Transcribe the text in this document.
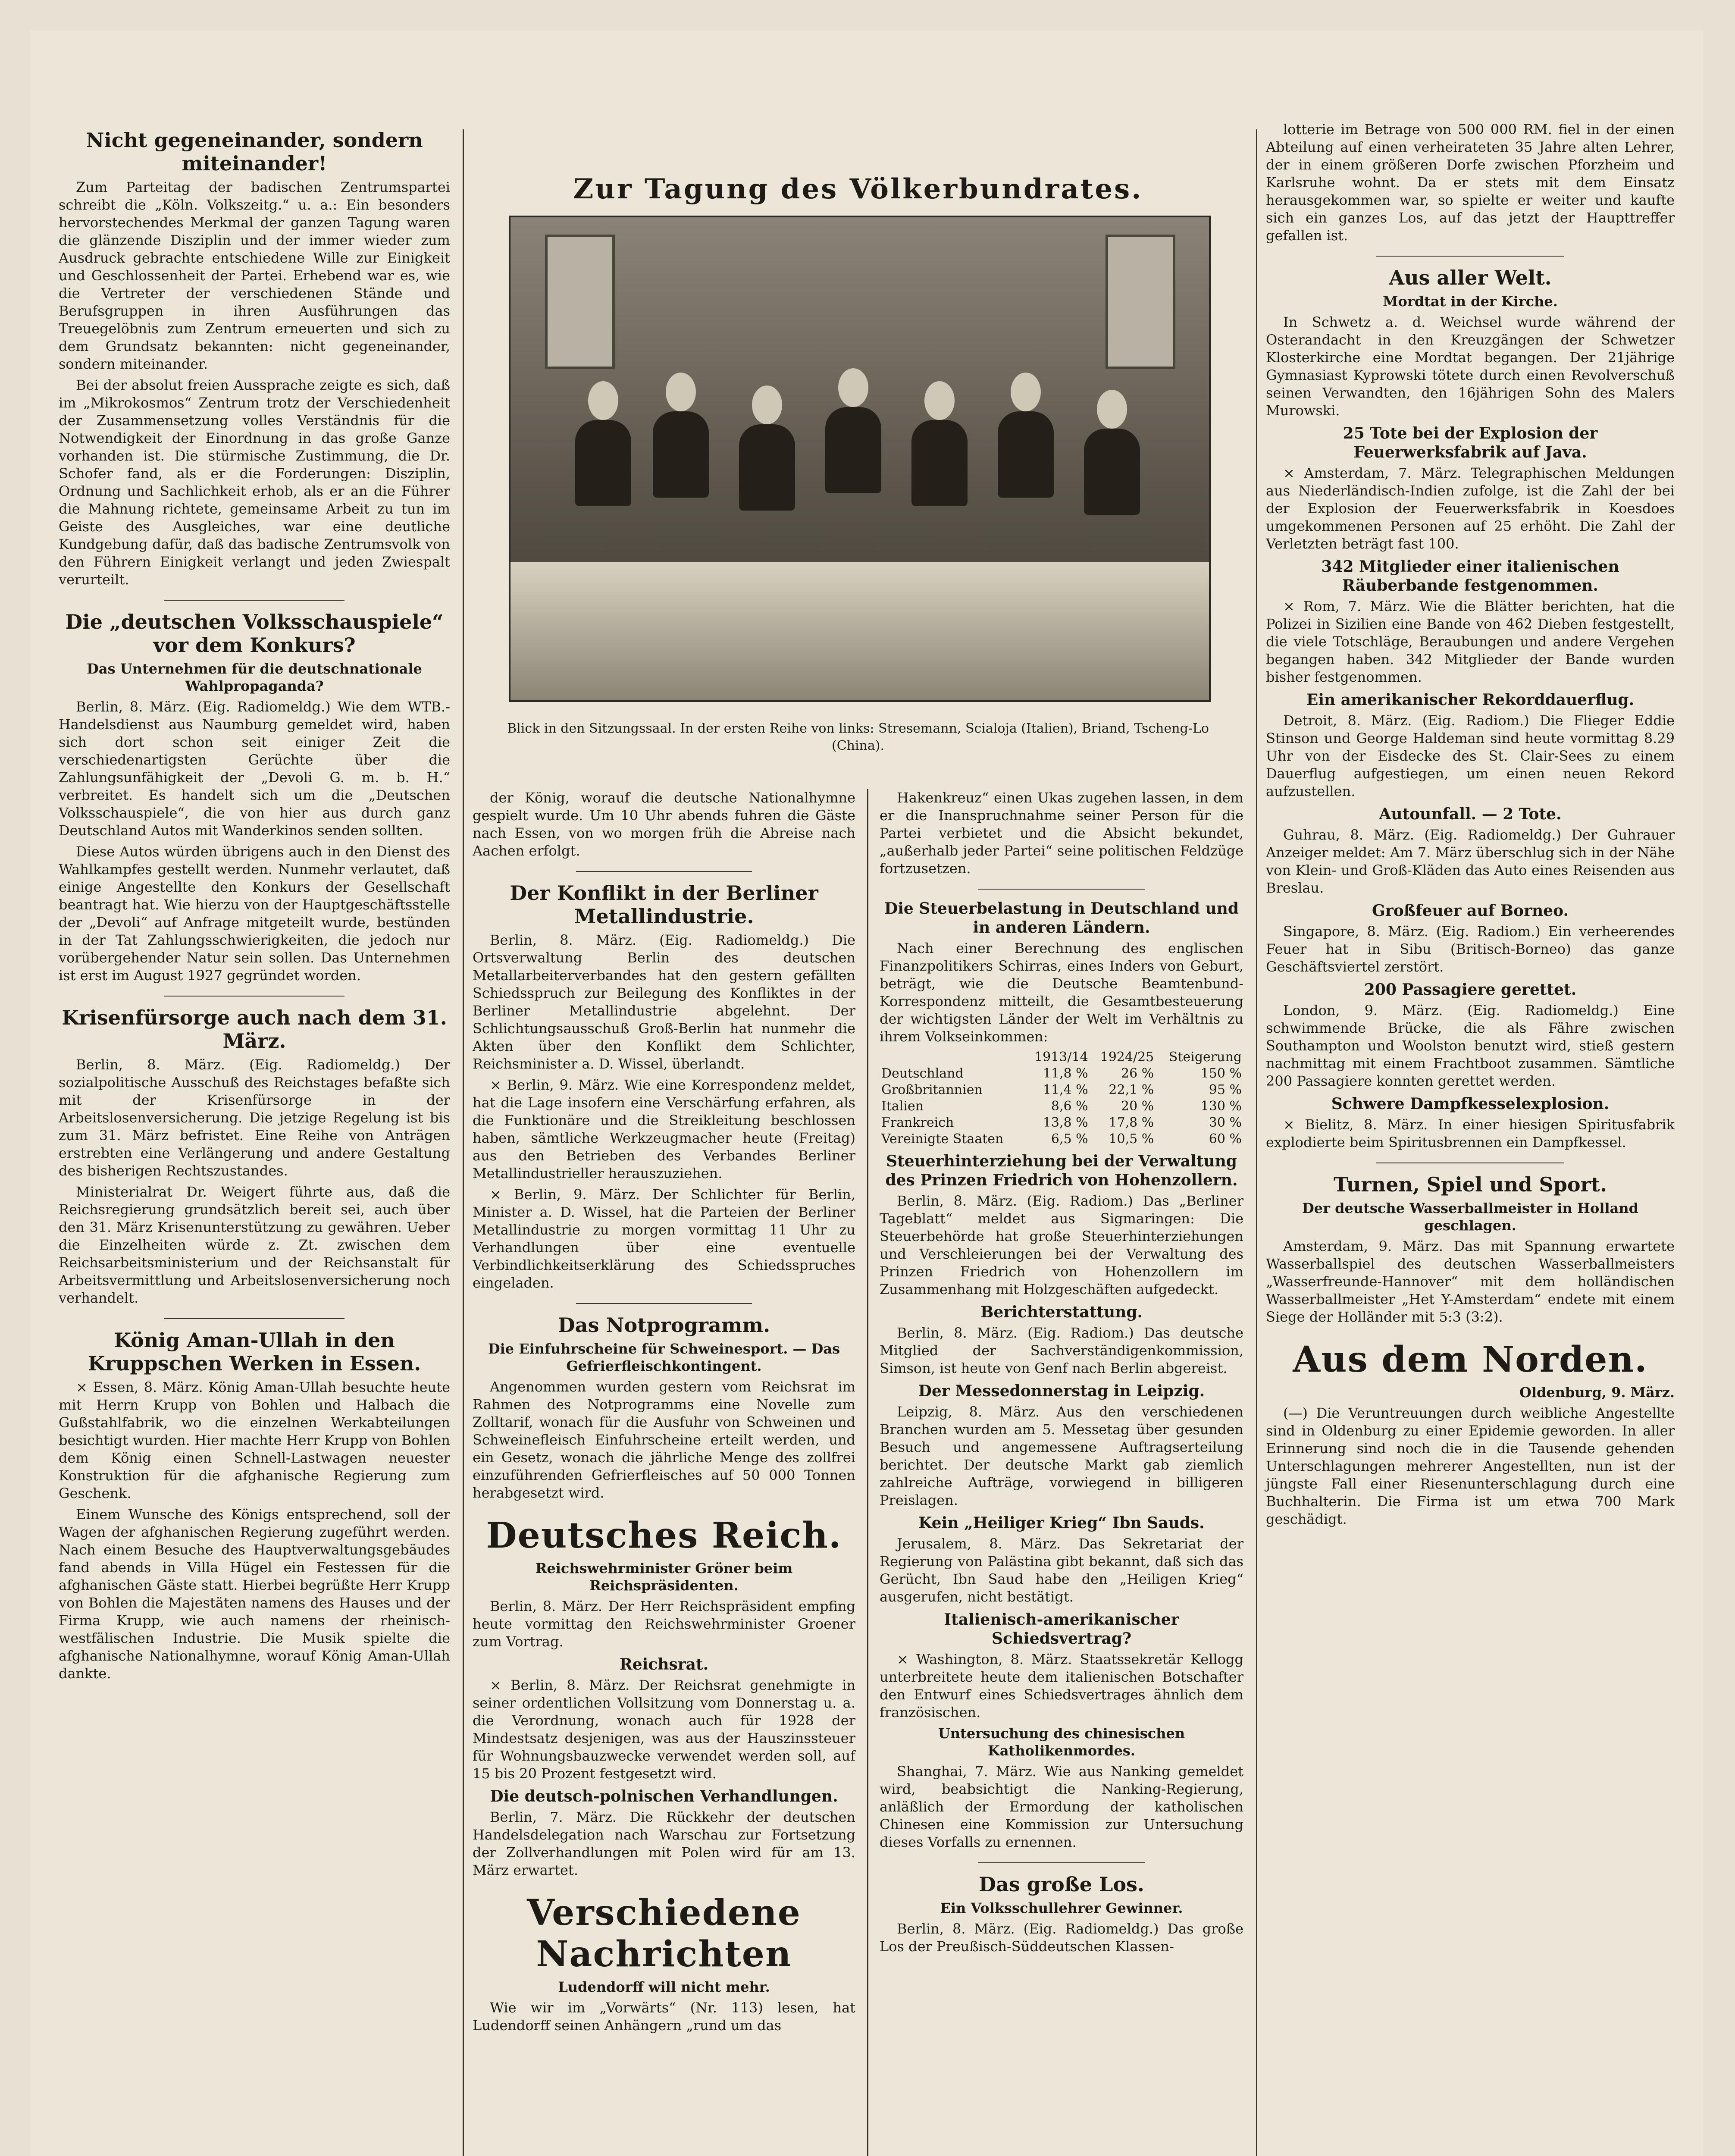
Nicht gegeneinander, sondern miteinander!

Zum Parteitag der badischen Zentrumspartei schreibt die „Köln. Volkszeitg.“ u. a.: Ein besonders hervorstechendes Merkmal der ganzen Tagung waren die glänzende Disziplin und der immer wieder zum Ausdruck gebrachte entschiedene Wille zur Einigkeit und Geschlossenheit der Partei. Erhebend war es, wie die Vertreter der verschiedenen Stände und Berufsgruppen in ihren Ausführungen das Treuegelöbnis zum Zentrum erneuerten und sich zu dem Grundsatz bekannten: nicht gegeneinander, sondern miteinander.

Bei der absolut freien Aussprache zeigte es sich, daß im „Mikrokosmos“ Zentrum trotz der Verschiedenheit der Zusammensetzung volles Verständnis für die Notwendigkeit der Einordnung in das große Ganze vorhanden ist. Die stürmische Zustimmung, die Dr. Schofer fand, als er die Forderungen: Disziplin, Ordnung und Sachlichkeit erhob, als er an die Führer die Mahnung richtete, gemeinsame Arbeit zu tun im Geiste des Ausgleiches, war eine deutliche Kundgebung dafür, daß das badische Zentrumsvolk von den Führern Einigkeit verlangt und jeden Zwiespalt verurteilt.

Die „deutschen Volksschauspiele“ vor dem Konkurs?
Das Unternehmen für die deutschnationale Wahlpropaganda?

Berlin, 8. März. (Eig. Radiomeldg.) Wie dem WTB.-Handelsdienst aus Naumburg gemeldet wird, haben sich dort schon seit einiger Zeit die verschiedenartigsten Gerüchte über die Zahlungsunfähigkeit der „Devoli G. m. b. H.“ verbreitet. Es handelt sich um die „Deutschen Volksschauspiele“, die von hier aus durch ganz Deutschland Autos mit Wanderkinos senden sollten.

Diese Autos würden übrigens auch in den Dienst des Wahlkampfes gestellt werden. Nunmehr verlautet, daß einige Angestellte den Konkurs der Gesellschaft beantragt hat. Wie hierzu von der Hauptgeschäftsstelle der „Devoli“ auf Anfrage mitgeteilt wurde, bestünden in der Tat Zahlungsschwierigkeiten, die jedoch nur vorübergehender Natur sein sollen. Das Unternehmen ist erst im August 1927 gegründet worden.

Krisenfürsorge auch nach dem 31. März.

Berlin, 8. März. (Eig. Radiomeldg.) Der sozialpolitische Ausschuß des Reichstages befaßte sich mit der Krisenfürsorge in der Arbeitslosenversicherung. Die jetzige Regelung ist bis zum 31. März befristet. Eine Reihe von Anträgen erstrebten eine Verlängerung und andere Gestaltung des bisherigen Rechtszustandes.

Ministerialrat Dr. Weigert führte aus, daß die Reichsregierung grundsätzlich bereit sei, auch über den 31. März Krisenunterstützung zu gewähren. Ueber die Einzelheiten würde z. Zt. zwischen dem Reichsarbeitsministerium und der Reichsanstalt für Arbeitsvermittlung und Arbeitslosenversicherung noch verhandelt.

König Aman-Ullah in den Kruppschen Werken in Essen.

× Essen, 8. März. König Aman-Ullah besuchte heute mit Herrn Krupp von Bohlen und Halbach die Gußstahlfabrik, wo die einzelnen Werkabteilungen besichtigt wurden. Hier machte Herr Krupp von Bohlen dem König einen Schnell-Lastwagen neuester Konstruktion für die afghanische Regierung zum Geschenk.

Einem Wunsche des Königs entsprechend, soll der Wagen der afghanischen Regierung zugeführt werden. Nach einem Besuche des Hauptverwaltungsgebäudes fand abends in Villa Hügel ein Festessen für die afghanischen Gäste statt. Hierbei begrüßte Herr Krupp von Bohlen die Majestäten namens des Hauses und der Firma Krupp, wie auch namens der rheinisch-westfälischen Industrie. Die Musik spielte die afghanische Nationalhymne, worauf König Aman-Ullah dankte.

Zur Tagung des Völkerbundrates.
Blick in den Sitzungssaal. In der ersten Reihe von links: Stresemann, Scialoja (Italien), Briand, Tscheng-Lo (China).

der König, worauf die deutsche Nationalhymne gespielt wurde. Um 10 Uhr abends fuhren die Gäste nach Essen, von wo morgen früh die Abreise nach Aachen erfolgt.

Der Konflikt in der Berliner Metallindustrie.

Berlin, 8. März. (Eig. Radiomeldg.) Die Ortsverwaltung Berlin des deutschen Metallarbeiterverbandes hat den gestern gefällten Schiedsspruch zur Beilegung des Konfliktes in der Berliner Metallindustrie abgelehnt. Der Schlichtungsausschuß Groß-Berlin hat nunmehr die Akten über den Konflikt dem Schlichter, Reichsminister a. D. Wissel, überlandt.

× Berlin, 9. März. Wie eine Korrespondenz meldet, hat die Lage insofern eine Verschärfung erfahren, als die Funktionäre und die Streikleitung beschlossen haben, sämtliche Werkzeugmacher heute (Freitag) aus den Betrieben des Verbandes Berliner Metallindustrieller herauszuziehen.

× Berlin, 9. März. Der Schlichter für Berlin, Minister a. D. Wissel, hat die Parteien der Berliner Metallindustrie zu morgen vormittag 11 Uhr zu Verhandlungen über eine eventuelle Verbindlichkeitserklärung des Schiedsspruches eingeladen.

Das Notprogramm.
Die Einfuhrscheine für Schweinesport. — Das Gefrierfleischkontingent.

Angenommen wurden gestern vom Reichsrat im Rahmen des Notprogramms eine Novelle zum Zolltarif, wonach für die Ausfuhr von Schweinen und Schweinefleisch Einfuhrscheine erteilt werden, und ein Gesetz, wonach die jährliche Menge des zollfrei einzuführenden Gefrierfleisches auf 50 000 Tonnen herabgesetzt wird.

Deutsches Reich.
Reichswehrminister Gröner beim Reichspräsidenten.

Berlin, 8. März. Der Herr Reichspräsident empfing heute vormittag den Reichswehrminister Groener zum Vortrag.

Reichsrat.

× Berlin, 8. März. Der Reichsrat genehmigte in seiner ordentlichen Vollsitzung vom Donnerstag u. a. die Verordnung, wonach auch für 1928 der Mindestsatz desjenigen, was aus der Hauszinssteuer für Wohnungsbauzwecke verwendet werden soll, auf 15 bis 20 Prozent festgesetzt wird.

Die deutsch-polnischen Verhandlungen.

Berlin, 7. März. Die Rückkehr der deutschen Handelsdelegation nach Warschau zur Fortsetzung der Zollverhandlungen mit Polen wird für am 13. März erwartet.

Verschiedene Nachrichten
Ludendorff will nicht mehr.

Wie wir im „Vorwärts“ (Nr. 113) lesen, hat Ludendorff seinen Anhängern „rund um das

Hakenkreuz“ einen Ukas zugehen lassen, in dem er die Inanspruchnahme seiner Person für die Partei verbietet und die Absicht bekundet, „außerhalb jeder Partei“ seine politischen Feldzüge fortzusetzen.

Die Steuerbelastung in Deutschland und in anderen Ländern.

Nach einer Berechnung des englischen Finanzpolitikers Schirras, eines Inders von Geburt, beträgt, wie die Deutsche Beamtenbund-Korrespondenz mitteilt, die Gesamtbesteuerung der wichtigsten Länder der Welt im Verhältnis zu ihrem Volkseinkommen:

	1913/14	1924/25	Steigerung
Deutschland	11,8 %	26 %	150 %
Großbritannien	11,4 %	22,1 %	95 %
Italien	8,6 %	20 %	130 %
Frankreich	13,8 %	17,8 %	30 %
Vereinigte Staaten	6,5 %	10,5 %	60 %
Steuerhinterziehung bei der Verwaltung des Prinzen Friedrich von Hohenzollern.

Berlin, 8. März. (Eig. Radiom.) Das „Berliner Tageblatt“ meldet aus Sigmaringen: Die Steuerbehörde hat große Steuerhinterziehungen und Verschleierungen bei der Verwaltung des Prinzen Friedrich von Hohenzollern im Zusammenhang mit Holzgeschäften aufgedeckt.

Berichterstattung.

Berlin, 8. März. (Eig. Radiom.) Das deutsche Mitglied der Sachverständigenkommission, Simson, ist heute von Genf nach Berlin abgereist.

Der Messedonnerstag in Leipzig.

Leipzig, 8. März. Aus den verschiedenen Branchen wurden am 5. Messetag über gesunden Besuch und angemessene Auftragserteilung berichtet. Der deutsche Markt gab ziemlich zahlreiche Aufträge, vorwiegend in billigeren Preislagen.

Kein „Heiliger Krieg“ Ibn Sauds.

Jerusalem, 8. März. Das Sekretariat der Regierung von Palästina gibt bekannt, daß sich das Gerücht, Ibn Saud habe den „Heiligen Krieg“ ausgerufen, nicht bestätigt.

Italienisch-amerikanischer Schiedsvertrag?

× Washington, 8. März. Staatssekretär Kellogg unterbreitete heute dem italienischen Botschafter den Entwurf eines Schiedsvertrages ähnlich dem französischen.

Untersuchung des chinesischen Katholikenmordes.

Shanghai, 7. März. Wie aus Nanking gemeldet wird, beabsichtigt die Nanking-Regierung, anläßlich der Ermordung der katholischen Chinesen eine Kommission zur Untersuchung dieses Vorfalls zu ernennen.

Das große Los.
Ein Volksschullehrer Gewinner.

Berlin, 8. März. (Eig. Radiomeldg.) Das große Los der Preußisch-Süddeutschen Klassen-

lotterie im Betrage von 500 000 RM. fiel in der einen Abteilung auf einen verheirateten 35 Jahre alten Lehrer, der in einem größeren Dorfe zwischen Pforzheim und Karlsruhe wohnt. Da er stets mit dem Einsatz herausgekommen war, so spielte er weiter und kaufte sich ein ganzes Los, auf das jetzt der Haupttreffer gefallen ist.

Aus aller Welt.
Mordtat in der Kirche.

In Schwetz a. d. Weichsel wurde während der Osterandacht in den Kreuzgängen der Schwetzer Klosterkirche eine Mordtat begangen. Der 21jährige Gymnasiast Kyprowski tötete durch einen Revolverschuß seinen Verwandten, den 16jährigen Sohn des Malers Murowski.

25 Tote bei der Explosion der Feuerwerksfabrik auf Java.

× Amsterdam, 7. März. Telegraphischen Meldungen aus Niederländisch-Indien zufolge, ist die Zahl der bei der Explosion der Feuerwerksfabrik in Koesdoes umgekommenen Personen auf 25 erhöht. Die Zahl der Verletzten beträgt fast 100.

342 Mitglieder einer italienischen Räuberbande festgenommen.

× Rom, 7. März. Wie die Blätter berichten, hat die Polizei in Sizilien eine Bande von 462 Dieben festgestellt, die viele Totschläge, Beraubungen und andere Vergehen begangen haben. 342 Mitglieder der Bande wurden bisher festgenommen.

Ein amerikanischer Rekorddauerflug.

Detroit, 8. März. (Eig. Radiom.) Die Flieger Eddie Stinson und George Haldeman sind heute vormittag 8.29 Uhr von der Eisdecke des St. Clair-Sees zu einem Dauerflug aufgestiegen, um einen neuen Rekord aufzustellen.

Autounfall. — 2 Tote.

Guhrau, 8. März. (Eig. Radiomeldg.) Der Guhrauer Anzeiger meldet: Am 7. März überschlug sich in der Nähe von Klein- und Groß-Kläden das Auto eines Reisenden aus Breslau.

Großfeuer auf Borneo.

Singapore, 8. März. (Eig. Radiom.) Ein verheerendes Feuer hat in Sibu (Britisch-Borneo) das ganze Geschäftsviertel zerstört.

200 Passagiere gerettet.

London, 9. März. (Eig. Radiomeldg.) Eine schwimmende Brücke, die als Fähre zwischen Southampton und Woolston benutzt wird, stieß gestern nachmittag mit einem Frachtboot zusammen. Sämtliche 200 Passagiere konnten gerettet werden.

Schwere Dampfkesselexplosion.

× Bielitz, 8. März. In einer hiesigen Spiritusfabrik explodierte beim Spiritusbrennen ein Dampfkessel.

Turnen, Spiel und Sport.
Der deutsche Wasserballmeister in Holland geschlagen.

Amsterdam, 9. März. Das mit Spannung erwartete Wasserballspiel des deutschen Wasserballmeisters „Wasserfreunde-Hannover“ mit dem holländischen Wasserballmeister „Het Y-Amsterdam“ endete mit einem Siege der Holländer mit 5:3 (3:2).

Aus dem Norden.
Oldenburg, 9. März.

(—) Die Veruntreuungen durch weibliche Angestellte sind in Oldenburg zu einer Epidemie geworden. In aller Erinnerung sind noch die in die Tausende gehenden Unterschlagungen mehrerer Angestellten, nun ist der jüngste Fall einer Riesenunterschlagung durch eine Buchhalterin. Die Firma ist um etwa 700 Mark geschädigt.
